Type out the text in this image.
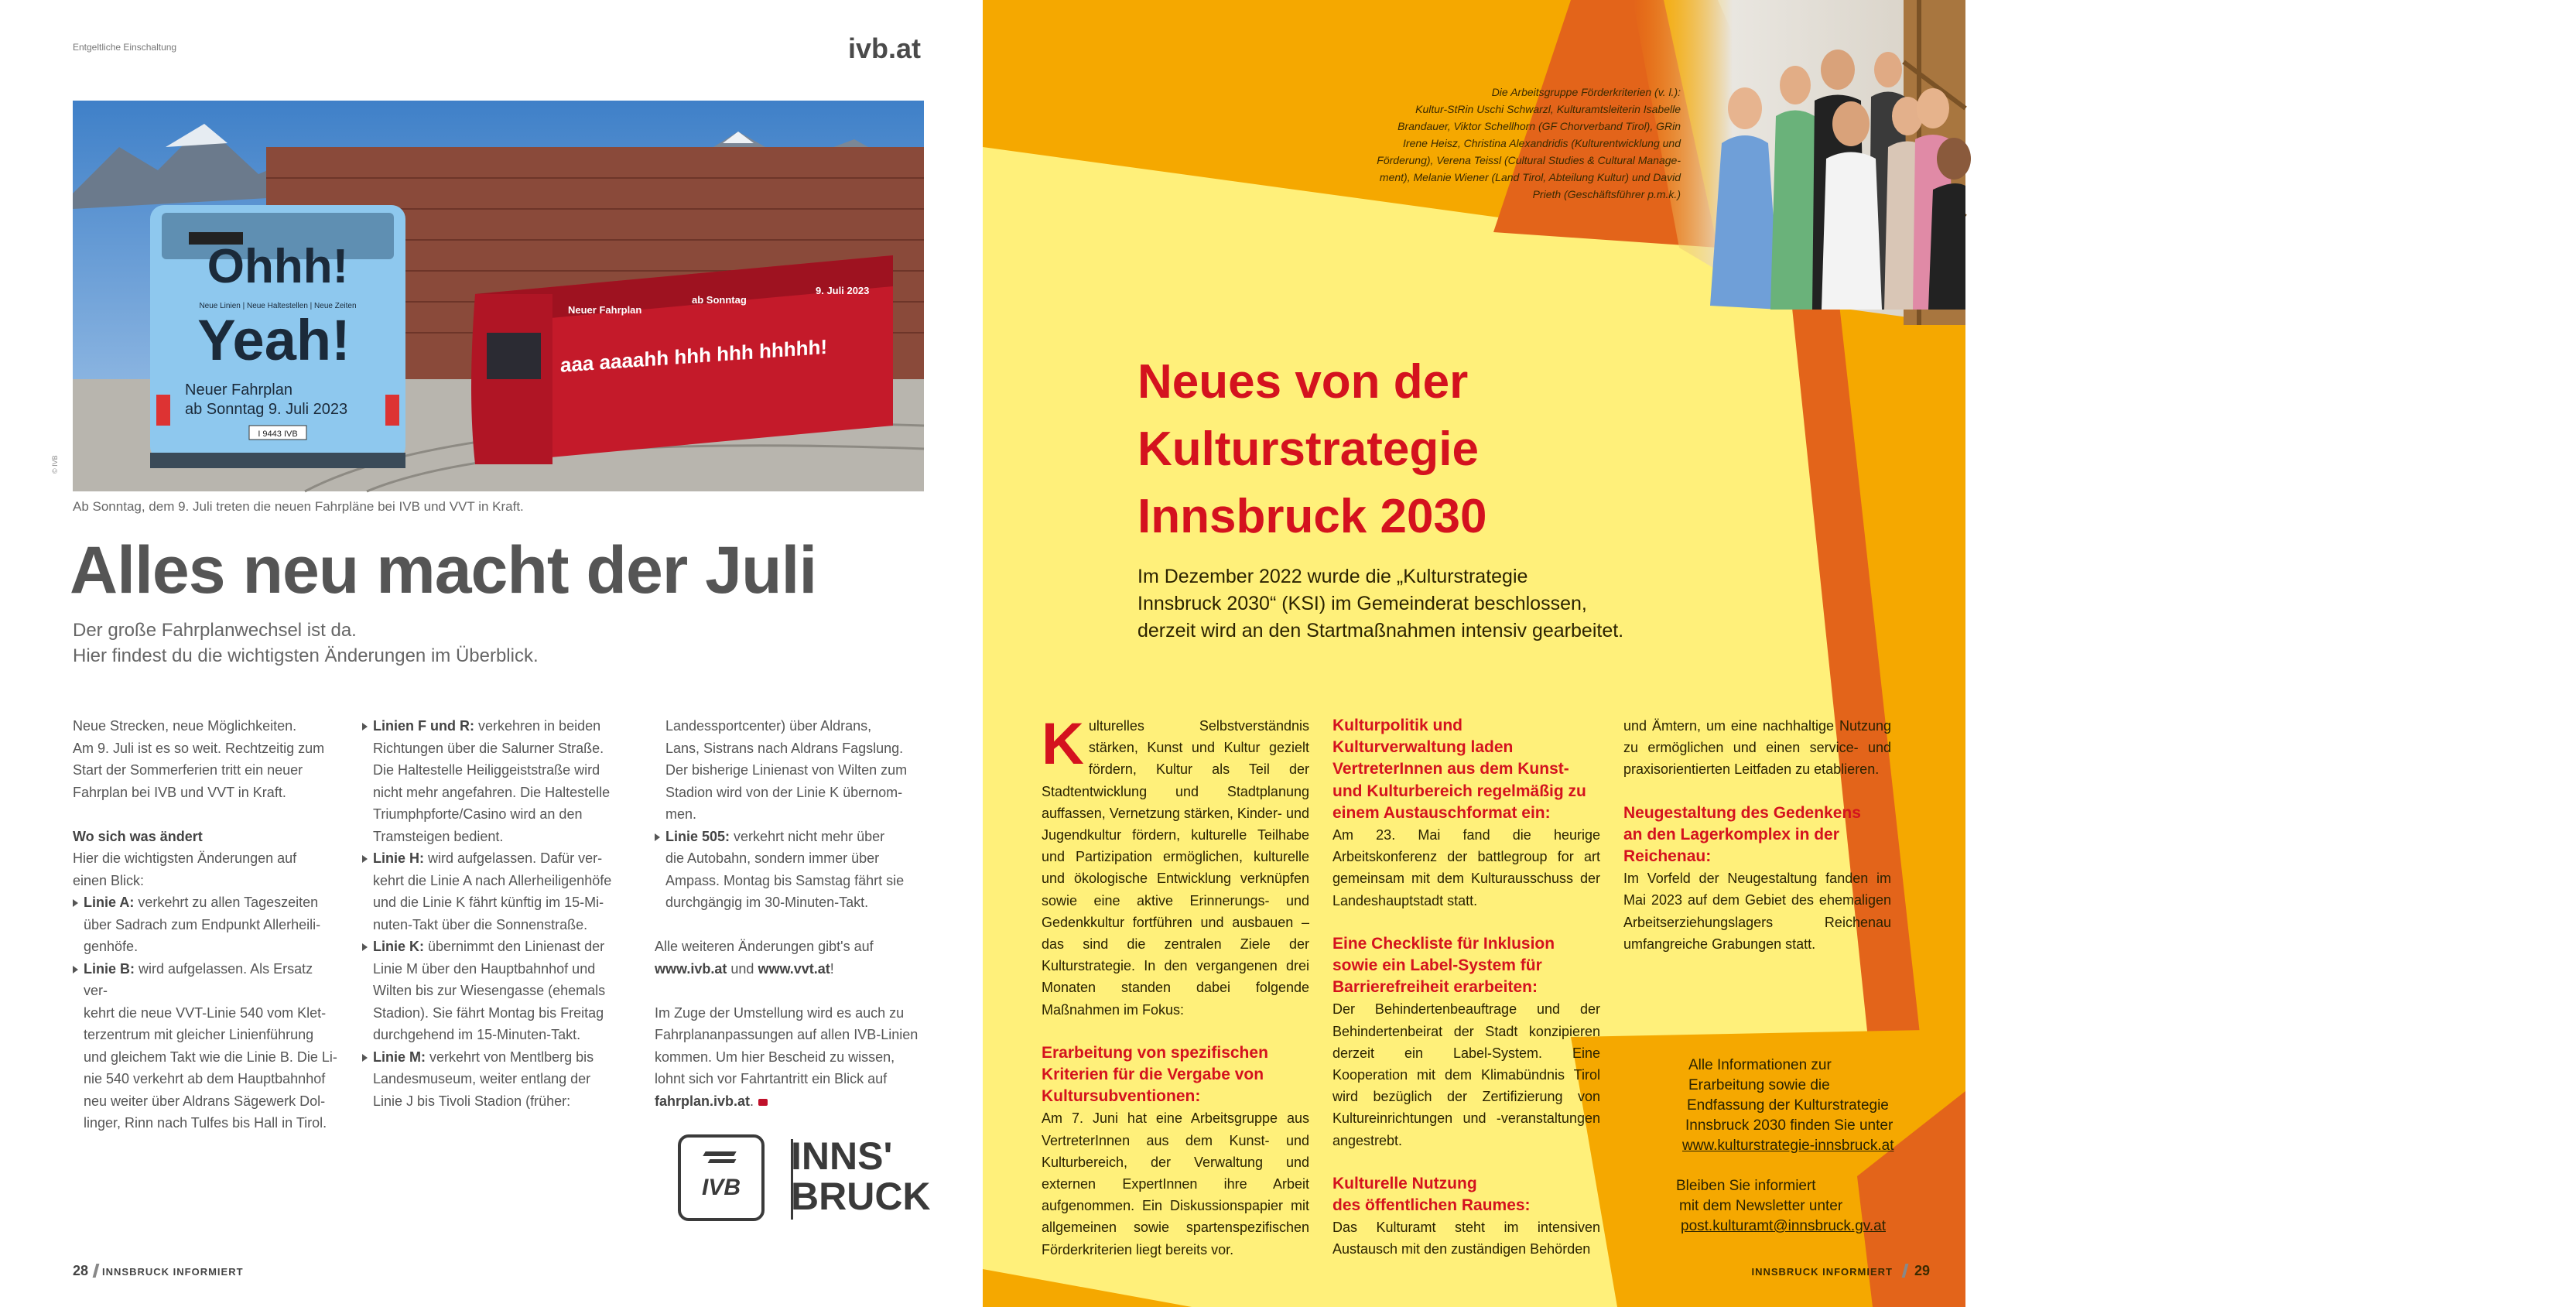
Entgeltliche Einschaltung	ivb.at
Neuer Fahrplan
ab Sonntag
9. Juli 2023
aaa aaaahh hhh hhh hhhhh!
Ohhh!
Neue Linien | Neue Haltestellen | Neue Zeiten
Yeah!
Neuer Fahrplan
ab Sonntag 9. Juli 2023
I 9443 IVB
© IVB
Ab Sonntag, dem 9. Juli treten die neuen Fahrpläne bei IVB und VVT in Kraft.
Alles neu macht der Juli
Der große Fahrplanwechsel ist da.
Hier findest du die wichtigsten Änderungen im Überblick.

Neue Strecken, neue Möglichkeiten.

Am 9. Juli ist es so weit. Rechtzeitig zum

Start der Sommerferien tritt ein neuer

Fahrplan bei IVB und VVT in Kraft.

Wo sich was ändert

Hier die wichtigsten Änderungen auf

einen Blick:

Linie A: verkehrt zu allen Tageszeiten
über Sadrach zum Endpunkt Allerheili-
genhöfe.
Linie B: wird aufgelassen. Als Ersatz ver-
kehrt die neue VVT-Linie 540 vom Klet-
terzentrum mit gleicher Linienführung
und gleichem Takt wie die Linie B. Die Li-
nie 540 verkehrt ab dem Hauptbahnhof
neu weiter über Aldrans Sägewerk Dol-
linger, Rinn nach Tulfes bis Hall in Tirol.
Linien F und R: verkehren in beiden
Richtungen über die Salurner Straße.
Die Haltestelle Heiliggeiststraße wird
nicht mehr angefahren. Die Haltestelle
Triumphpforte/Casino wird an den
Tramsteigen bedient.
Linie H: wird aufgelassen. Dafür ver-
kehrt die Linie A nach Allerheiligenhöfe
und die Linie K fährt künftig im 15-Mi-
nuten-Takt über die Sonnenstraße.
Linie K: übernimmt den Linienast der
Linie M über den Hauptbahnhof und
Wilten bis zur Wiesengasse (ehemals
Stadion). Sie fährt Montag bis Freitag
durchgehend im 15-Minuten-Takt.
Linie M: verkehrt von Mentlberg bis
Landesmuseum, weiter entlang der
Linie J bis Tivoli Stadion (früher:

Landessportcenter) über Aldrans,

Lans, Sistrans nach Aldrans Fagslung.

Der bisherige Linienast von Wilten zum

Stadion wird von der Linie K übernom-

men.

Linie 505: verkehrt nicht mehr über
die Autobahn, sondern immer über
Ampass. Montag bis Samstag fährt sie
durchgängig im 30-Minuten-Takt.

Alle weiteren Änderungen gibt's auf

www.ivb.at und www.vvt.at!

Im Zuge der Umstellung wird es auch zu

Fahrplananpassungen auf allen IVB-Linien

kommen. Um hier Bescheid zu wissen,

lohnt sich vor Fahrtantritt ein Blick auf

fahrplan.ivb.at.

IVB
INNS'
BRUCK
28 INNSBRUCK INFORMIERT
© M. FREINHOFER
Die Arbeitsgruppe Förderkriterien (v. l.):
Kultur-StRin Uschi Schwarzl, Kulturamtsleiterin Isabelle
Brandauer, Viktor Schellhorn (GF Chorverband Tirol), GRin
Irene Heisz, Christina Alexandridis (Kulturentwicklung und
Förderung), Verena Teissl (Cultural Studies & Cultural Manage-
ment), Melanie Wiener (Land Tirol, Abteilung Kultur) und David
Prieth (Geschäftsführer p.m.k.)
Neues von der
Kulturstrategie
Innsbruck 2030
Im Dezember 2022 wurde die „Kulturstrategie
Innsbruck 2030“ (KSI) im Gemeinderat beschlossen,
derzeit wird an den Startmaßnahmen intensiv gearbeitet.

Kulturelles Selbstverständnis stärken, Kunst und Kultur gezielt fördern, Kultur als Teil der Stadtentwicklung und Stadtplanung auffassen, Vernetzung stärken, Kinder- und Jugendkultur fördern, kulturelle Teilhabe und Partizipation ermöglichen, kulturelle und ökologische Entwicklung verknüpfen sowie eine aktive Erinnerungs- und Gedenkkultur fortführen und ausbauen – das sind die zentralen Ziele der Kulturstrategie. In den vergangenen drei Monaten standen dabei folgende Maßnahmen im Fokus:

Erarbeitung von spezifischen
Kriterien für die Vergabe von
Kultursubventionen:

Am 7. Juni hat eine Arbeitsgruppe aus VertreterInnen aus dem Kunst- und Kulturbereich, der Verwaltung und externen ExpertInnen ihre Arbeit aufgenommen. Ein Diskussionspapier mit allgemeinen sowie spartenspezifischen Förderkriterien liegt bereits vor.

Kulturpolitik und
Kulturverwaltung laden
VertreterInnen aus dem Kunst-
und Kulturbereich regelmäßig zu
einem Austauschformat ein:

Am 23. Mai fand die heurige Arbeitskonferenz der battlegroup for art gemeinsam mit dem Kulturausschuss der Landeshauptstadt statt.

Eine Checkliste für Inklusion
sowie ein Label-System für
Barrierefreiheit erarbeiten:

Der Behindertenbeauftrage und der Behindertenbeirat der Stadt konzipieren derzeit ein Label-System. Eine Kooperation mit dem Klimabündnis Tirol wird bezüglich der Zertifizierung von Kultureinrichtungen und -veranstaltungen angestrebt.

Kulturelle Nutzung
des öffentlichen Raumes:

Das Kulturamt steht im intensiven Austausch mit den zuständigen Behörden

und Ämtern, um eine nachhaltige Nutzung zu ermöglichen und einen service- und praxisorientierten Leitfaden zu etablieren.

Neugestaltung des Gedenkens
an den Lagerkomplex in der
Reichenau:

Im Vorfeld der Neugestaltung fanden im Mai 2023 auf dem Gebiet des ehemaligen Arbeitserziehungslagers Reichenau umfangreiche Grabungen statt.

Alle Informationen zur
Erarbeitung sowie die
Endfassung der Kulturstrategie
Innsbruck 2030 finden Sie unter
www.kulturstrategie-innsbruck.at
Bleiben Sie informiert
mit dem Newsletter unter
post.kulturamt@innsbruck.gv.at
INNSBRUCK INFORMIERT 29
